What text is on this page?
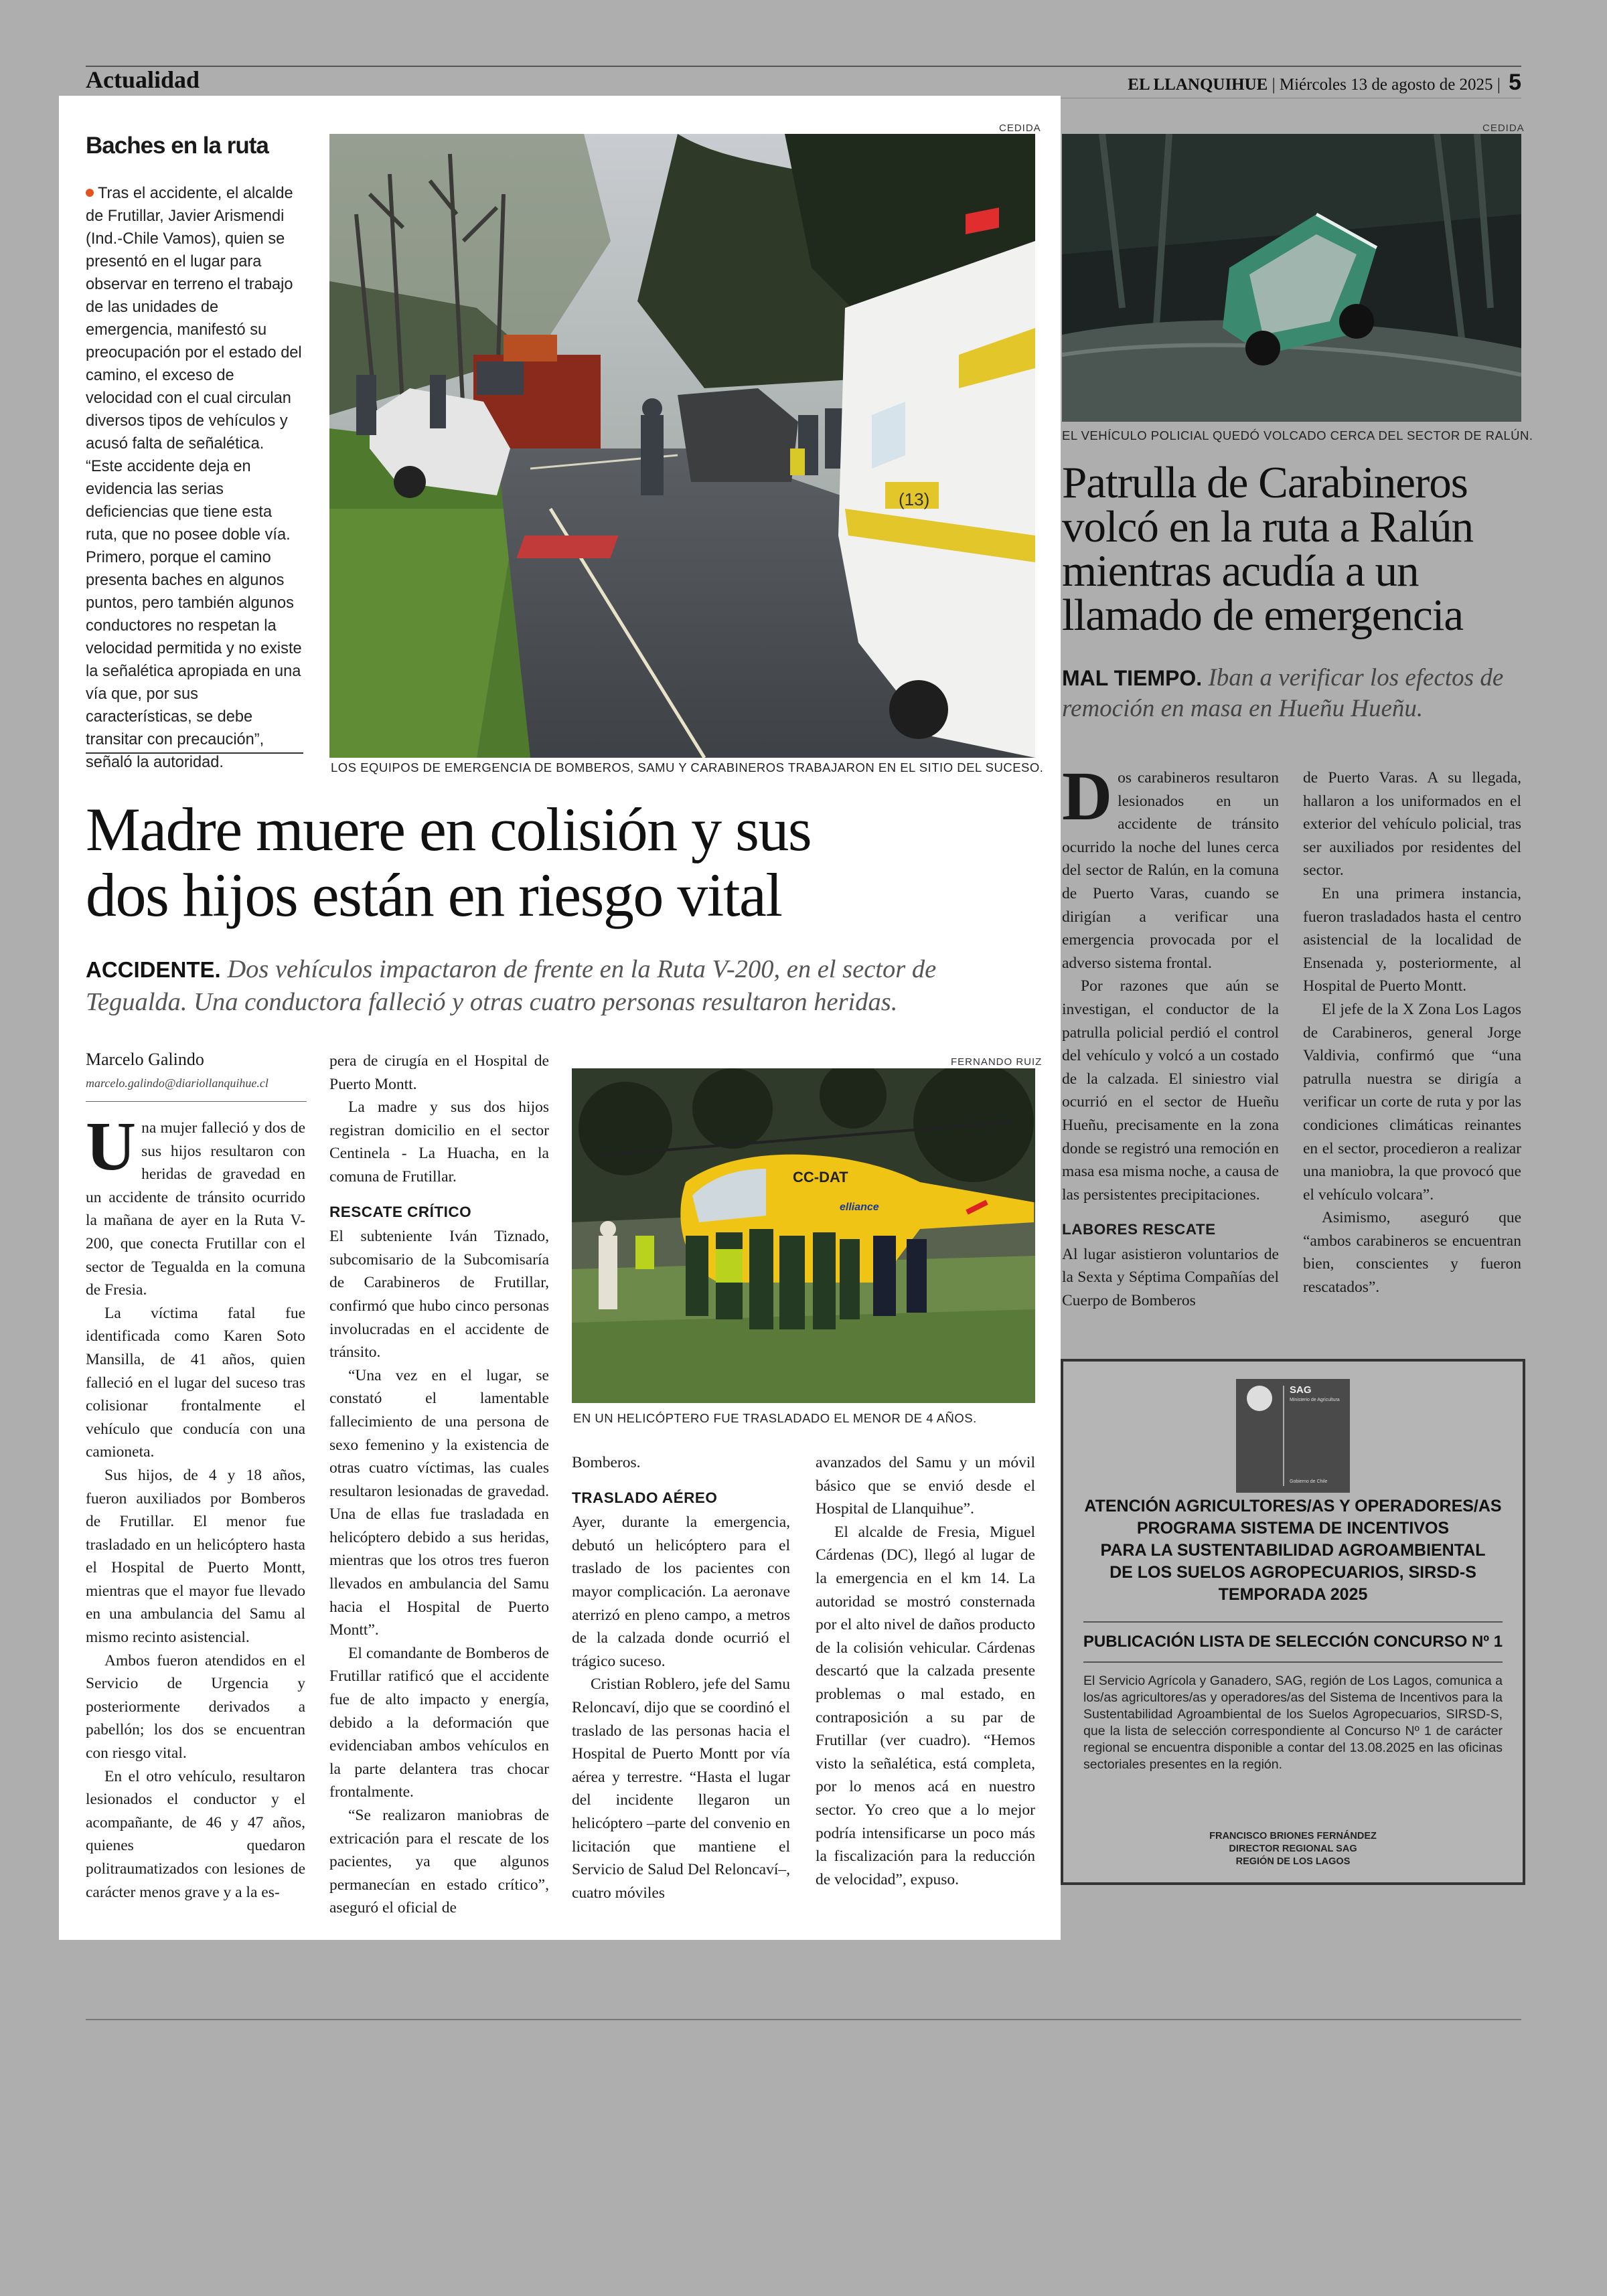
Actualidad	EL LLANQUIHUE | Miércoles 13 de agosto de 2025 | 5
Baches en la ruta
Tras el accidente, el alcalde de Frutillar, Javier Arismendi (Ind.-Chile Vamos), quien se presentó en el lugar para observar en terreno el trabajo de las unidades de emergencia, manifestó su preocupación por el estado del camino, el exceso de velocidad con el cual circulan diversos tipos de vehículos y acusó falta de señalética. “Este accidente deja en evidencia las serias deficiencias que tiene esta ruta, que no posee doble vía. Primero, porque el camino presenta baches en algunos puntos, pero también algunos conductores no respetan la velocidad permitida y no existe la señalética apropiada en una vía que, por sus características, se debe transitar con precaución”, señaló la autoridad.
CEDIDA
(13)
LOS EQUIPOS DE EMERGENCIA DE BOMBEROS, SAMU Y CARABINEROS TRABAJARON EN EL SITIO DEL SUCESO.
Madre muere en colisión y sus
dos hijos están en riesgo vital
ACCIDENTE. Dos vehículos impactaron de frente en la Ruta V-200, en el sector de Tegualda. Una conductora falleció y otras cuatro personas resultaron heridas.
Marcelo Galindo
marcelo.galindo@diariollanquihue.cl

Una mujer falleció y dos de sus hijos resultaron con heridas de gravedad en un accidente de tránsito ocurrido la mañana de ayer en la Ruta V-200, que conecta Frutillar con el sector de Tegualda en la comuna de Fresia.

La víctima fatal fue identificada como Karen Soto Mansilla, de 41 años, quien falleció en el lugar del suceso tras colisionar frontalmente el vehículo que conducía con una camioneta.

Sus hijos, de 4 y 18 años, fueron auxiliados por Bomberos de Frutillar. El menor fue trasladado en un helicóptero hasta el Hospital de Puerto Montt, mientras que el mayor fue llevado en una ambulancia del Samu al mismo recinto asistencial.

Ambos fueron atendidos en el Servicio de Urgencia y posteriormente derivados a pabellón; los dos se encuentran con riesgo vital.

En el otro vehículo, resultaron lesionados el conductor y el acompañante, de 46 y 47 años, quienes quedaron politraumatizados con lesiones de carácter menos grave y a la es-

pera de cirugía en el Hospital de Puerto Montt.

La madre y sus dos hijos registran domicilio en el sector Centinela - La Huacha, en la comuna de Frutillar.

RESCATE CRÍTICO

El subteniente Iván Tiznado, subcomisario de la Subcomisaría de Carabineros de Frutillar, confirmó que hubo cinco personas involucradas en el accidente de tránsito.

“Una vez en el lugar, se constató el lamentable fallecimiento de una persona de sexo femenino y la existencia de otras cuatro víctimas, las cuales resultaron lesionadas de gravedad. Una de ellas fue trasladada en helicóptero debido a sus heridas, mientras que los otros tres fueron llevados en ambulancia del Samu hacia el Hospital de Puerto Montt”.

El comandante de Bomberos de Frutillar ratificó que el accidente fue de alto impacto y energía, debido a la deformación que evidenciaban ambos vehículos en la parte delantera tras chocar frontalmente.

“Se realizaron maniobras de extricación para el rescate de los pacientes, ya que algunos permanecían en estado crítico”, aseguró el oficial de

FERNANDO RUIZ
CC-DAT
elliance
EN UN HELICÓPTERO FUE TRASLADADO EL MENOR DE 4 AÑOS.

Bomberos.

TRASLADO AÉREO

Ayer, durante la emergencia, debutó un helicóptero para el traslado de los pacientes con mayor complicación. La aeronave aterrizó en pleno campo, a metros de la calzada donde ocurrió el trágico suceso.

Cristian Roblero, jefe del Samu Reloncaví, dijo que se coordinó el traslado de las personas hacia el Hospital de Puerto Montt por vía aérea y terrestre. “Hasta el lugar del incidente llegaron un helicóptero –parte del convenio en licitación que mantiene el Servicio de Salud Del Reloncaví–, cuatro móviles

avanzados del Samu y un móvil básico que se envió desde el Hospital de Llanquihue”.

El alcalde de Fresia, Miguel Cárdenas (DC), llegó al lugar de la emergencia en el km 14. La autoridad se mostró consternada por el alto nivel de daños producto de la colisión vehicular. Cárdenas descartó que la calzada presente problemas o mal estado, en contraposición a su par de Frutillar (ver cuadro). “Hemos visto la señalética, está completa, por lo menos acá en nuestro sector. Yo creo que a lo mejor podría intensificarse un poco más la fiscalización para la reducción de velocidad”, expuso.

CEDIDA
EL VEHÍCULO POLICIAL QUEDÓ VOLCADO CERCA DEL SECTOR DE RALÚN.
Patrulla de Carabineros
volcó en la ruta a Ralún
mientras acudía a un
llamado de emergencia
MAL TIEMPO. Iban a verificar los efectos de remoción en masa en Hueñu Hueñu.

Dos carabineros resultaron lesionados en un accidente de tránsito ocurrido la noche del lunes cerca del sector de Ralún, en la comuna de Puerto Varas, cuando se dirigían a verificar una emergencia provocada por el adverso sistema frontal.

Por razones que aún se investigan, el conductor de la patrulla policial perdió el control del vehículo y volcó a un costado de la calzada. El siniestro vial ocurrió en el sector de Hueñu Hueñu, precisamente en la zona donde se registró una remoción en masa esa misma noche, a causa de las persistentes precipitaciones.

LABORES RESCATE

Al lugar asistieron voluntarios de la Sexta y Séptima Compañías del Cuerpo de Bomberos

de Puerto Varas. A su llegada, hallaron a los uniformados en el exterior del vehículo policial, tras ser auxiliados por residentes del sector.

En una primera instancia, fueron trasladados hasta el centro asistencial de la localidad de Ensenada y, posteriormente, al Hospital de Puerto Montt.

El jefe de la X Zona Los Lagos de Carabineros, general Jorge Valdivia, confirmó que “una patrulla nuestra se dirigía a verificar un corte de ruta y por las condiciones climáticas reinantes en el sector, procedieron a realizar una maniobra, la que provocó que el vehículo volcara”.

Asimismo, aseguró que “ambos carabineros se encuentran bien, conscientes y fueron rescatados”.

SAG
Ministerio de Agricultura
Gobierno de Chile
ATENCIÓN AGRICULTORES/AS Y OPERADORES/AS
PROGRAMA SISTEMA DE INCENTIVOS
PARA LA SUSTENTABILIDAD AGROAMBIENTAL
DE LOS SUELOS AGROPECUARIOS, SIRSD-S
TEMPORADA 2025
PUBLICACIÓN LISTA DE SELECCIÓN CONCURSO Nº 1
El Servicio Agrícola y Ganadero, SAG, región de Los Lagos, comunica a los/as agricultores/as y operadores/as del Sistema de Incentivos para la Sustentabilidad Agroambiental de los Suelos Agropecuarios, SIRSD-S, que la lista de selección correspondiente al Concurso Nº 1 de carácter regional se encuentra disponible a contar del 13.08.2025 en las oficinas sectoriales presentes en la región.
FRANCISCO BRIONES FERNÁNDEZ
DIRECTOR REGIONAL SAG
REGIÓN DE LOS LAGOS
